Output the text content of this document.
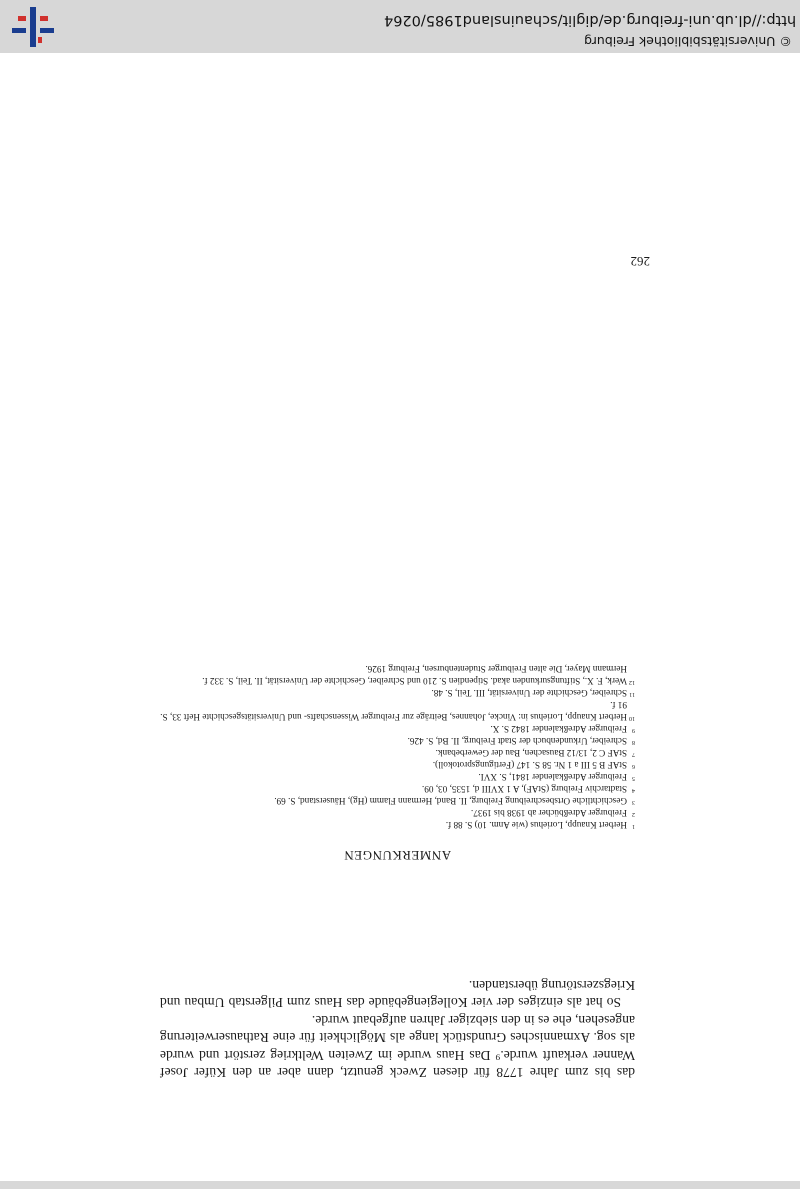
das bis zum Jahre 1778 für diesen Zweck genutzt, dann aber an den Küfer Josef Wanner verkauft wurde.⁹ Das Haus wurde im Zweiten Weltkrieg zerstört und wurde als sog. Axmannisches Grundstück lange als Möglichkeit für eine Rathauserweiterung angesehen, ehe es in den siebziger Jahren aufgebaut wurde.

So hat als einziges der vier Kollegiengebäude das Haus zum Pilgerstab Umbau und Kriegszerstörung überstanden.

ANMERKUNGEN
1
Herbert Knaupp, Loriehus (wie Anm. 10) S. 88 f.
2
Freiburger Adreßbücher ab 1938 bis 1937.
3
Geschichtliche Ortsbeschreibung Freiburg, II. Band, Hermann Flamm (Hg), Häuserstand, S. 69.
4
Stadtarchiv Freiburg (StAF), A 1 XVIII d, 1535, 03, 09.
5
Freiburger Adreßkalender 1841, S. XVI.
6
StAF B 5 III a 1 Nr. 58 S. 147 (Fertigungsprotokoll).
7
StAF C 2, 13/12 Bausachen, Bau der Gewerbebank.
8
Schreiber, Urkundenbuch der Stadt Freiburg, II. Bd, S. 426.
9
Freiburger Adreßkalender 1842 S. X.
10
Herbert Knaupp, Loriehus in: Vincke, Johannes, Beiträge zur Freiburger Wissenschafts- und Universitätsgeschichte Heft 33, S. 91 f.
11
Schreiber, Geschichte der Universität, III. Teil, S. 48.
12
Werk, F. X., Stiftungsurkunden akad. Stipendien S. 210 und Schreiber, Geschichte der Universität, II. Teil, S. 332 f.
Hermann Mayer, Die alten Freiburger Studentenbursen, Freiburg 1926.
262
http://dl.ub.uni-freiburg.de/diglit/schauinsland1985/0264
© Universitätsbibliothek Freiburg
